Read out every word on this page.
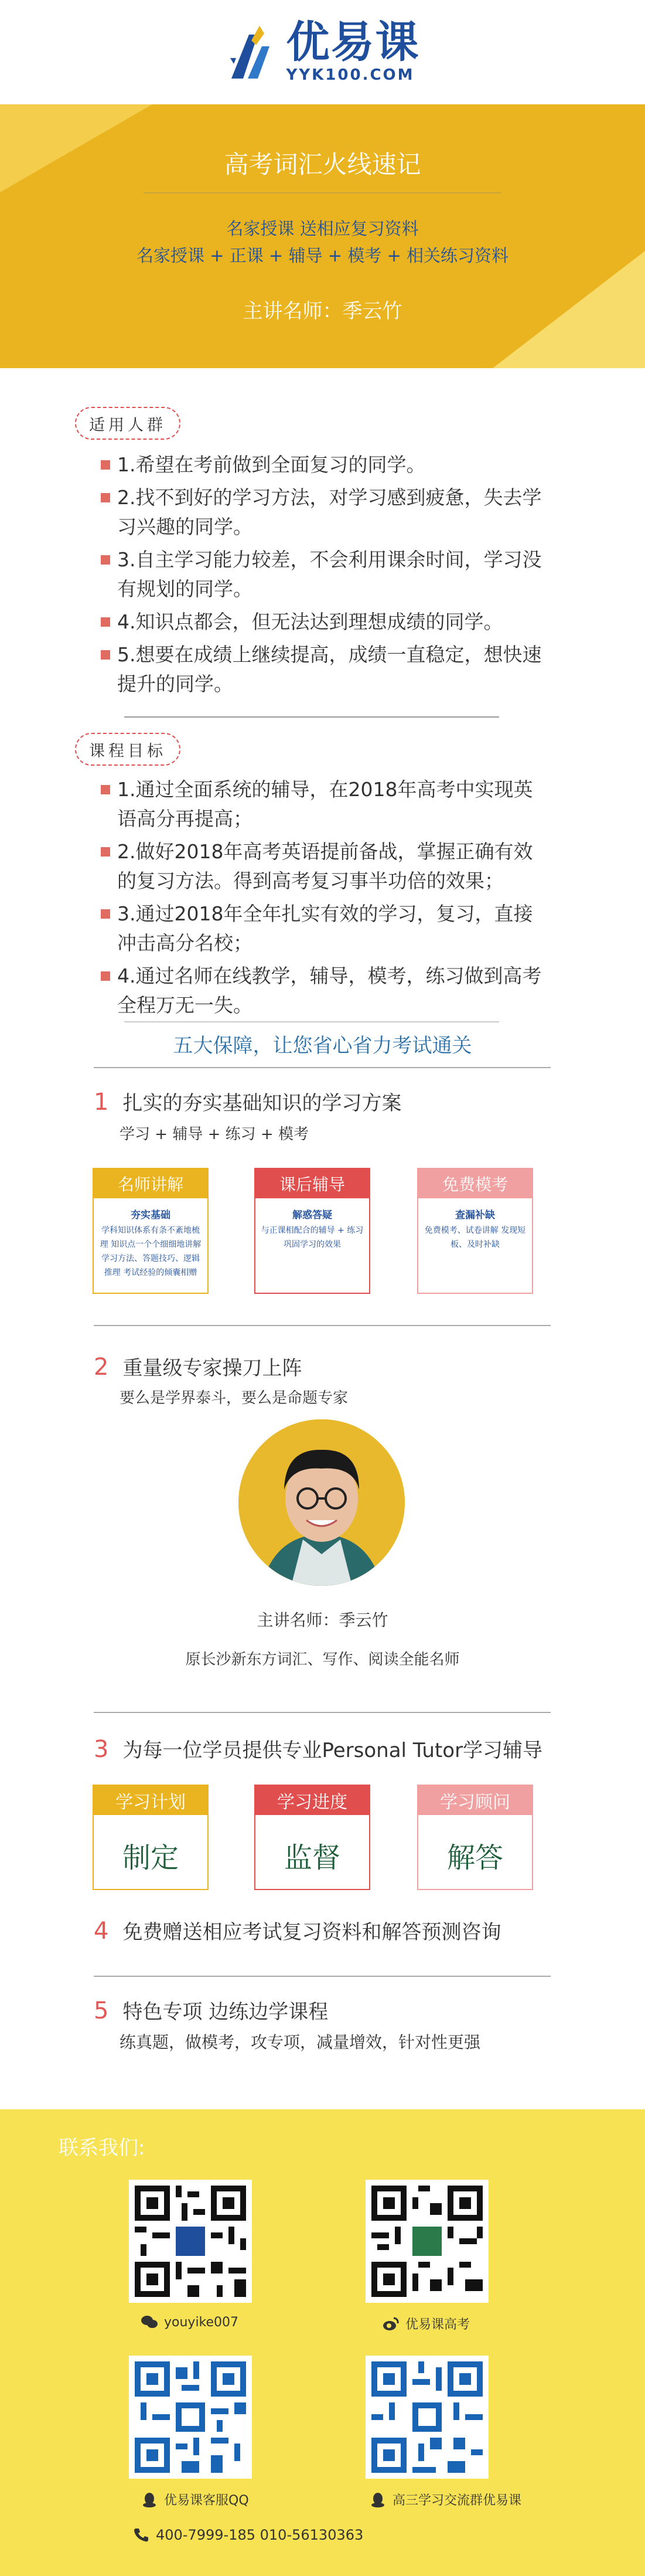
优易课
YYK100.COM
高考词汇火线速记
名家授课 送相应复习资料
名家授课 + 正课 + 辅导 + 模考 + 相关练习资料
主讲名师：季云竹
适用人群
1.希望在考前做到全面复习的同学。
2.找不到好的学习方法，对学习感到疲惫，失去学习兴趣的同学。
3.自主学习能力较差，不会利用课余时间，学习没有规划的同学。
4.知识点都会，但无法达到理想成绩的同学。
5.想要在成绩上继续提高，成绩一直稳定，想快速提升的同学。
课程目标
1.通过全面系统的辅导，在2018年高考中实现英语高分再提高；
2.做好2018年高考英语提前备战，掌握正确有效的复习方法。得到高考复习事半功倍的效果；
3.通过2018年全年扎实有效的学习，复习，直接冲击高分名校；
4.通过名师在线教学，辅导，模考，练习做到高考全程万无一失。
五大保障，让您省心省力考试通关
1 扎实的夯实基础知识的学习方案
学习 + 辅导 + 练习 + 模考
名师讲解
夯实基础
学科知识体系有条不紊地梳理 知识点一个个细细地讲解 学习方法、答题技巧、逻辑推理 考试经验的倾囊相赠
课后辅导
解惑答疑
与正课相配合的辅导 + 练习巩固学习的效果
免费模考
查漏补缺
免费模考、试卷讲解 发现短板、及时补缺
2 重量级专家操刀上阵
要么是学界泰斗，要么是命题专家
主讲名师：季云竹
原长沙新东方词汇、写作、阅读全能名师
3 为每一位学员提供专业Personal Tutor学习辅导
学习计划
制定
学习进度
监督
学习顾问
解答
4 免费赠送相应考试复习资料和解答预测咨询
5 特色专项 边练边学课程
练真题，做模考，攻专项，减量增效，针对性更强
联系我们:
youyike007	优易课高考
优易课客服QQ	高三学习交流群优易课
400-7999-185 010-56130363
